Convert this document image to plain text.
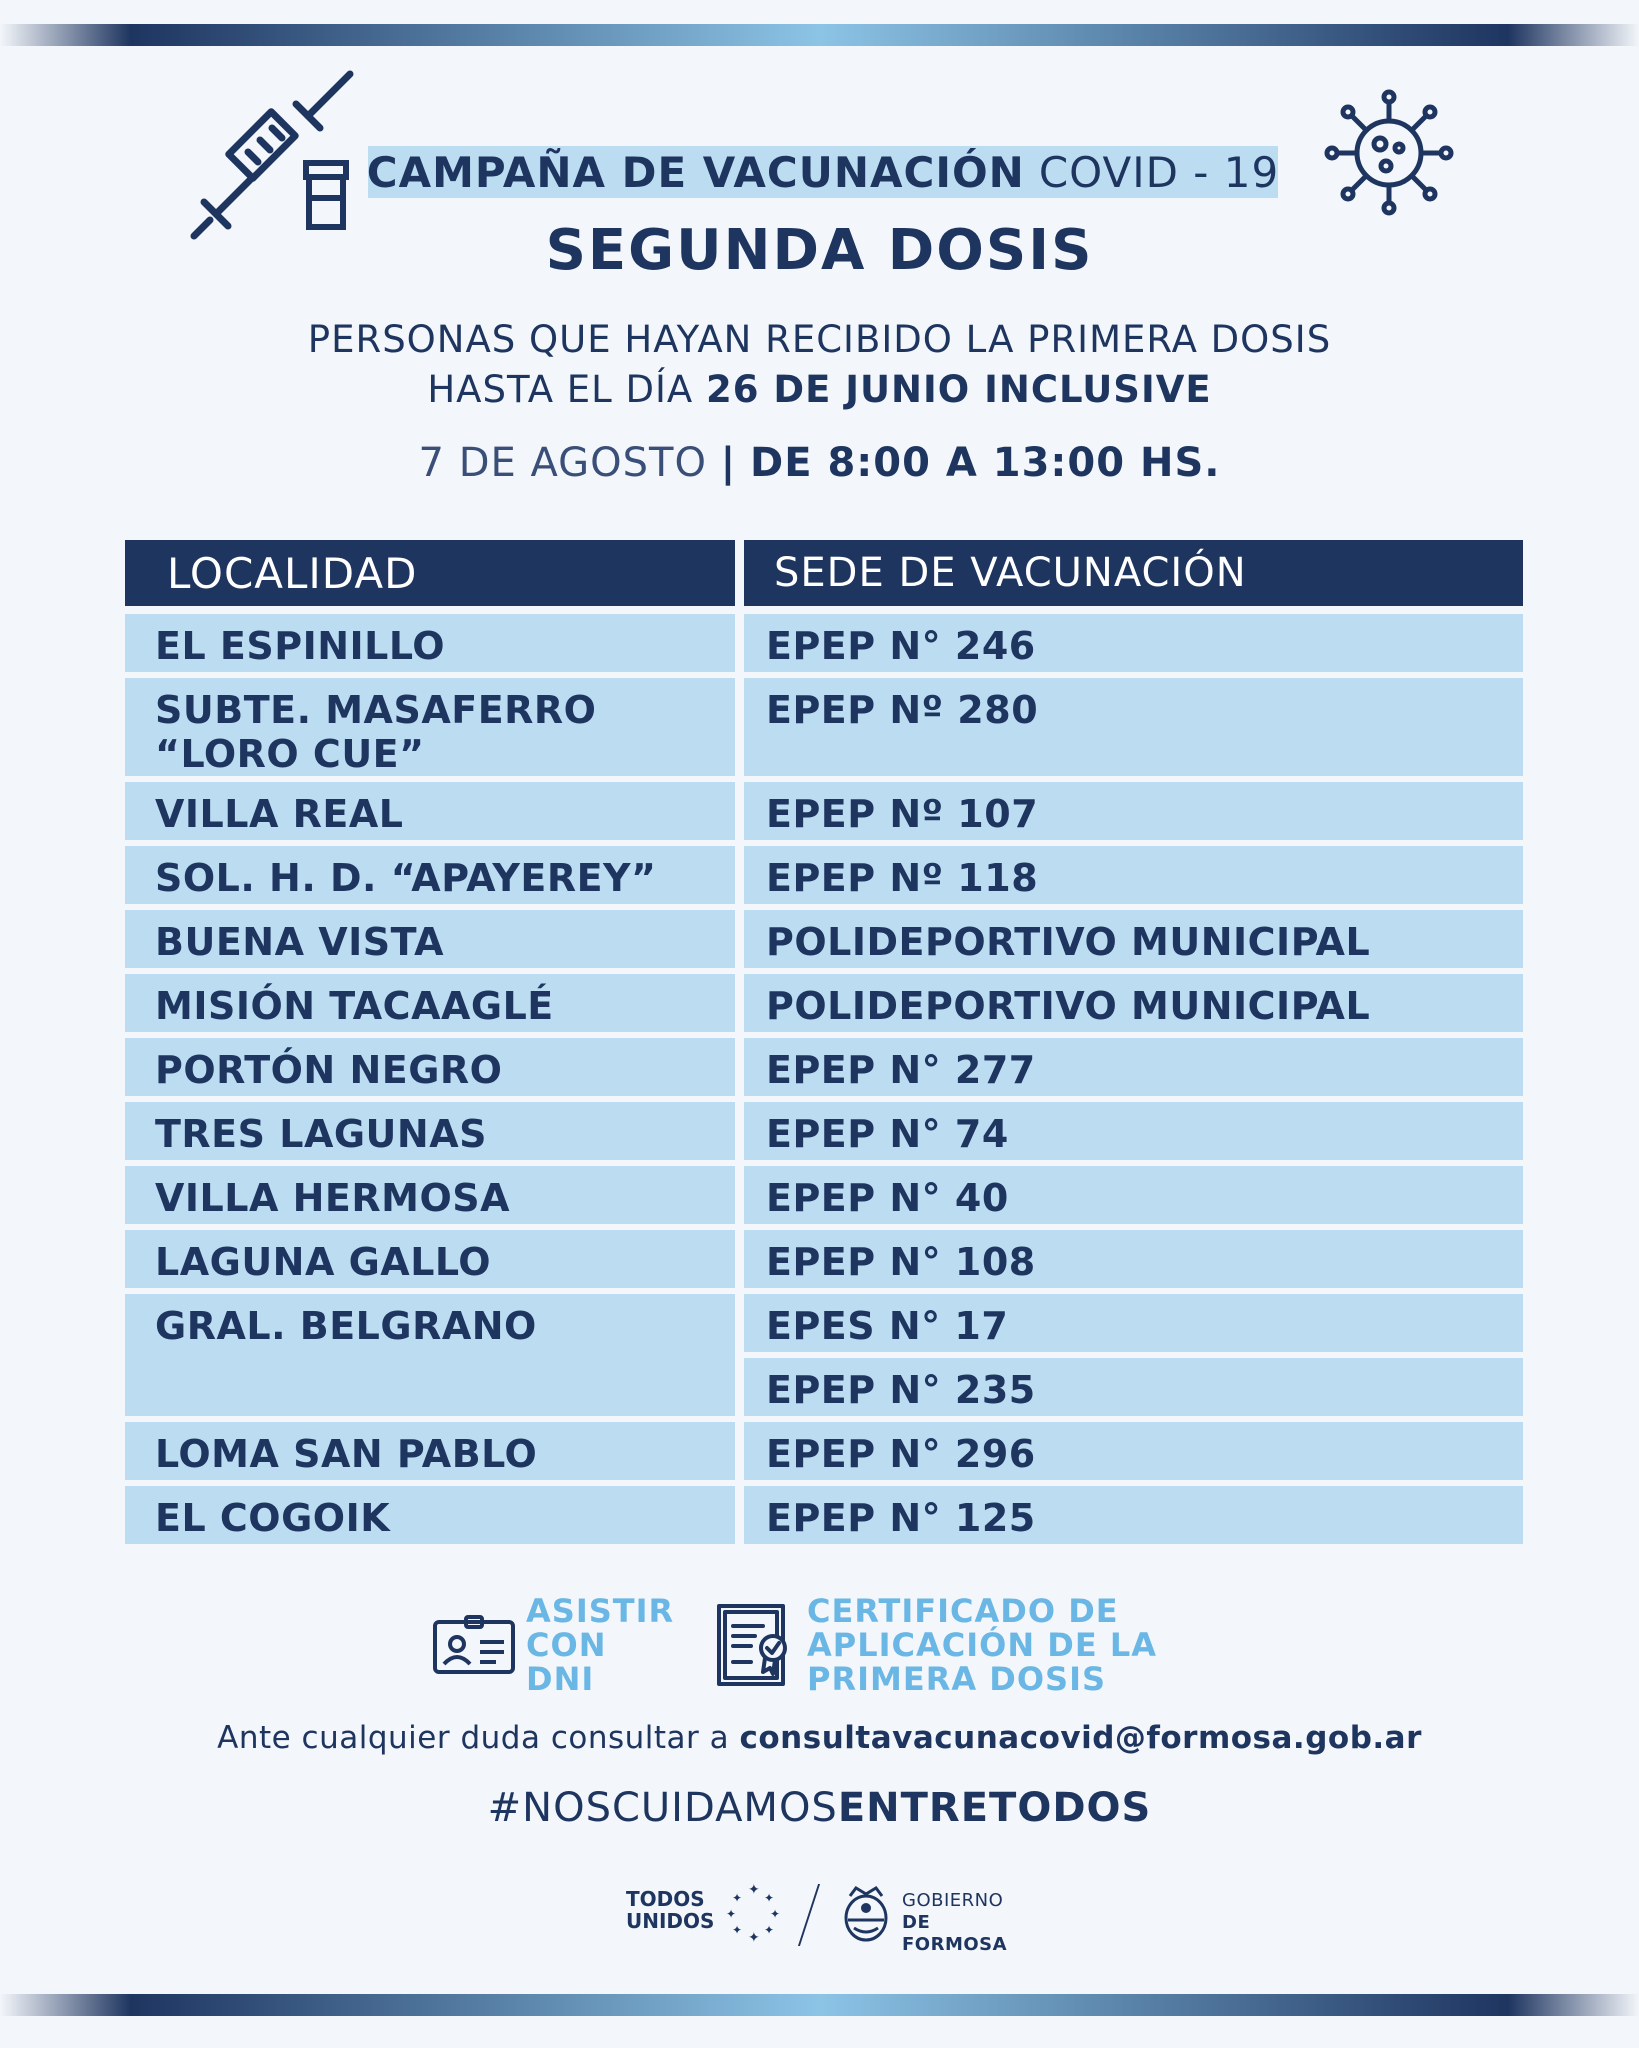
CAMPAÑA DE VACUNACIÓN COVID - 19
SEGUNDA DOSIS
PERSONAS QUE HAYAN RECIBIDO LA PRIMERA DOSIS
HASTA EL DÍA 26 DE JUNIO INCLUSIVE
7 DE AGOSTO | DE 8:00 A 13:00 HS.
LOCALIDAD	SEDE DE VACUNACIÓN
EPEP N° 246
EPEP Nº 280
EPEP Nº 107
EPEP Nº 118
POLIDEPORTIVO MUNICIPAL
POLIDEPORTIVO MUNICIPAL
EPEP N° 277
EPEP N° 74
EPEP N° 40
EPEP N° 108
EPES N° 17
EPEP N° 235
EPEP N° 296
EPEP N° 125
EL ESPINILLO
SUBTE. MASAFERRO “LORO CUE”
VILLA REAL
SOL. H. D. “APAYEREY”
BUENA VISTA
MISIÓN TACAAGLÉ
PORTÓN NEGRO
TRES LAGUNAS
VILLA HERMOSA
LAGUNA GALLO
GRAL. BELGRANO
LOMA SAN PABLO
EL COGOIK
ASISTIR CON DNI
CERTIFICADO DE APLICACIÓN DE LA PRIMERA DOSIS
Ante cualquier duda consultar a consultavacunacovid@formosa.gob.ar
#NOSCUIDAMOSENTRETODOS
TODOS UNIDOS
✦ ✦
✦
✦
✦
✦
✦
✦	GOBIERNO
DE FORMOSA
